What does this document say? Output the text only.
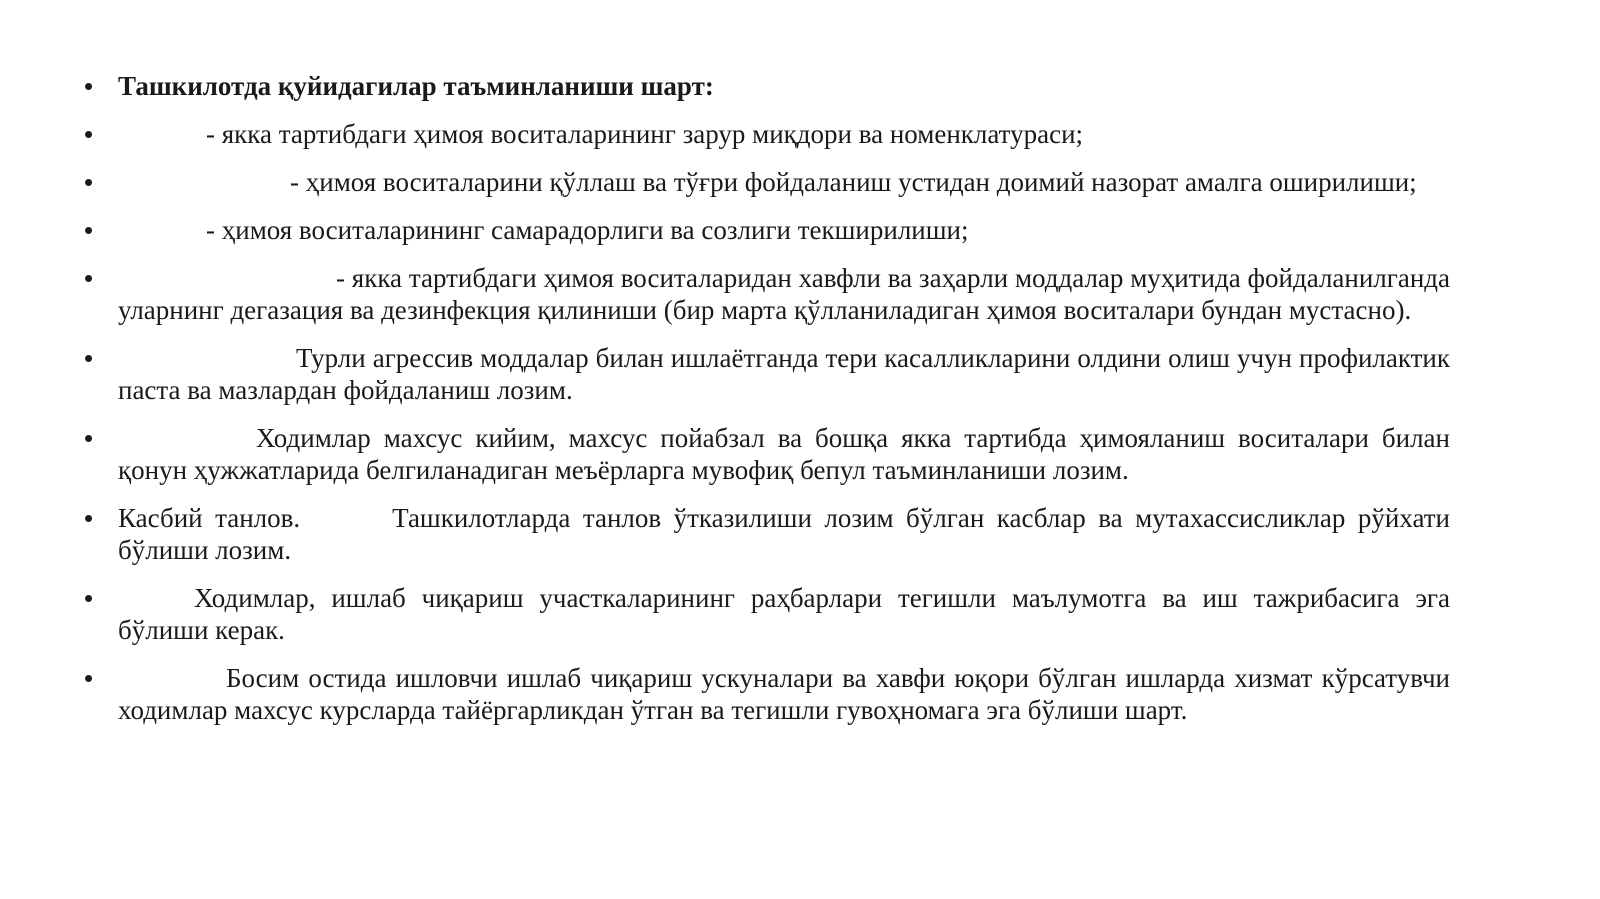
• Ташкилотда қуйидагилар таъминланиши шарт:
•	- якка тартибдаги ҳимоя воситаларининг зарур миқдори ва номенклатураси;
•	- ҳимоя воситаларини қўллаш ва тўғри фойдаланиш устидан доимий назорат амалга оширилиши;
•	- ҳимоя воситаларининг самарадорлиги ва созлиги текширилиши;
•	- якка тартибдаги ҳимоя воситаларидан хавфли ва заҳарли моддалар муҳитида фойдаланилганда уларнинг дегазация ва дезинфекция қилиниши (бир марта қўлланиладиган ҳимоя воситалари бундан мустасно).
•	Турли агрессив моддалар билан ишлаётганда тери касалликларини олдини олиш учун профилактик паста ва мазлардан фойдаланиш лозим.
•	Ходимлар махсус кийим, махсус пойабзал ва бошқа якка тартибда ҳимояланиш воситалари билан қонун ҳужжатларида белгиланадиган меъёрларга мувофиқ бепул таъминланиши лозим.
• Касбий танлов.	Ташкилотларда танлов ўтказилиши лозим бўлган касблар ва мутахассисликлар рўйхати бўлиши лозим.
•	Ходимлар, ишлаб чиқариш участкаларининг раҳбарлари тегишли маълумотга ва иш тажрибасига эга бўлиши керак.
•	Босим остида ишловчи ишлаб чиқариш ускуналари ва хавфи юқори бўлган ишларда хизмат кўрсатувчи ходимлар махсус курсларда тайёргарликдан ўтган ва тегишли гувоҳномага эга бўлиши шарт.
